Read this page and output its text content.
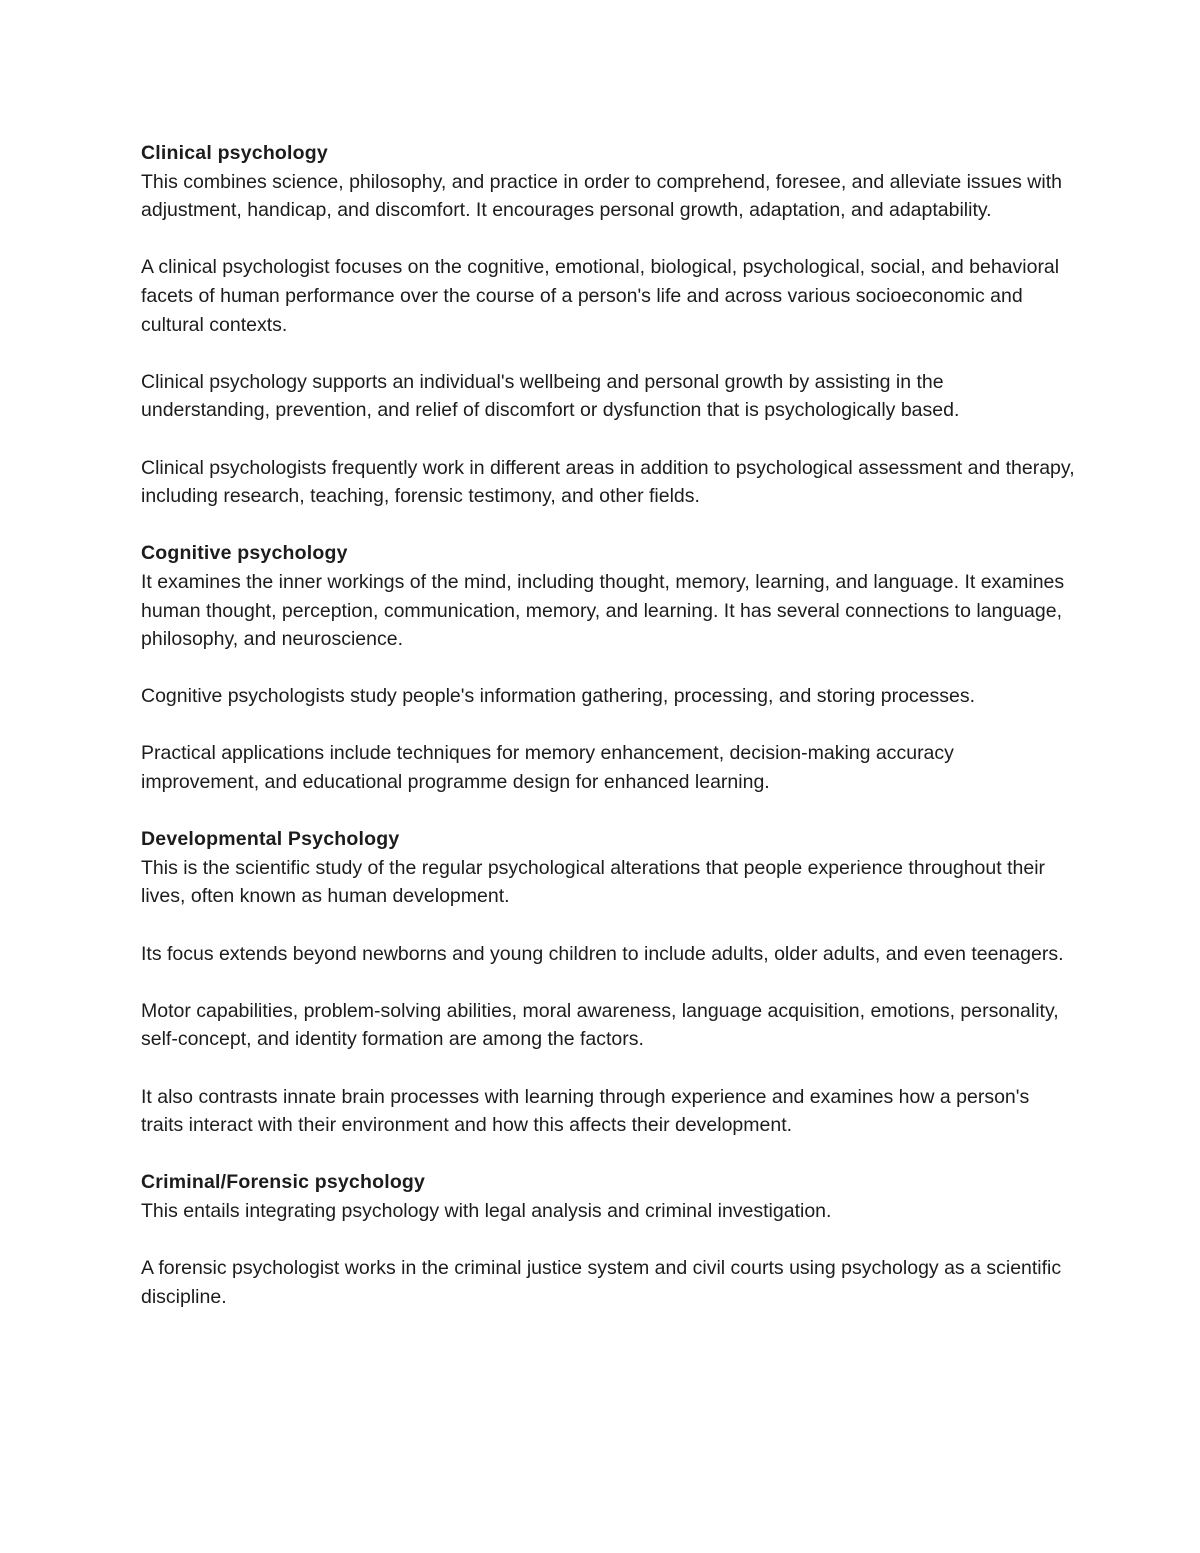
Clinical psychology

This combines science, philosophy, and practice in order to comprehend, foresee, and alleviate issues with adjustment, handicap, and discomfort. It encourages personal growth, adaptation, and adaptability.

A clinical psychologist focuses on the cognitive, emotional, biological, psychological, social, and behavioral facets of human performance over the course of a person's life and across various socioeconomic and cultural contexts.

Clinical psychology supports an individual's wellbeing and personal growth by assisting in the understanding, prevention, and relief of discomfort or dysfunction that is psychologically based.

Clinical psychologists frequently work in different areas in addition to psychological assessment and therapy, including research, teaching, forensic testimony, and other fields.

Cognitive psychology

It examines the inner workings of the mind, including thought, memory, learning, and language. It examines human thought, perception, communication, memory, and learning. It has several connections to language, philosophy, and neuroscience.

Cognitive psychologists study people's information gathering, processing, and storing processes.

Practical applications include techniques for memory enhancement, decision-making accuracy improvement, and educational programme design for enhanced learning.

Developmental Psychology

This is the scientific study of the regular psychological alterations that people experience throughout their lives, often known as human development.

Its focus extends beyond newborns and young children to include adults, older adults, and even teenagers.

Motor capabilities, problem-solving abilities, moral awareness, language acquisition, emotions, personality, self-concept, and identity formation are among the factors.

It also contrasts innate brain processes with learning through experience and examines how a person's traits interact with their environment and how this affects their development.

Criminal/Forensic psychology

This entails integrating psychology with legal analysis and criminal investigation.

A forensic psychologist works in the criminal justice system and civil courts using psychology as a scientific discipline.
